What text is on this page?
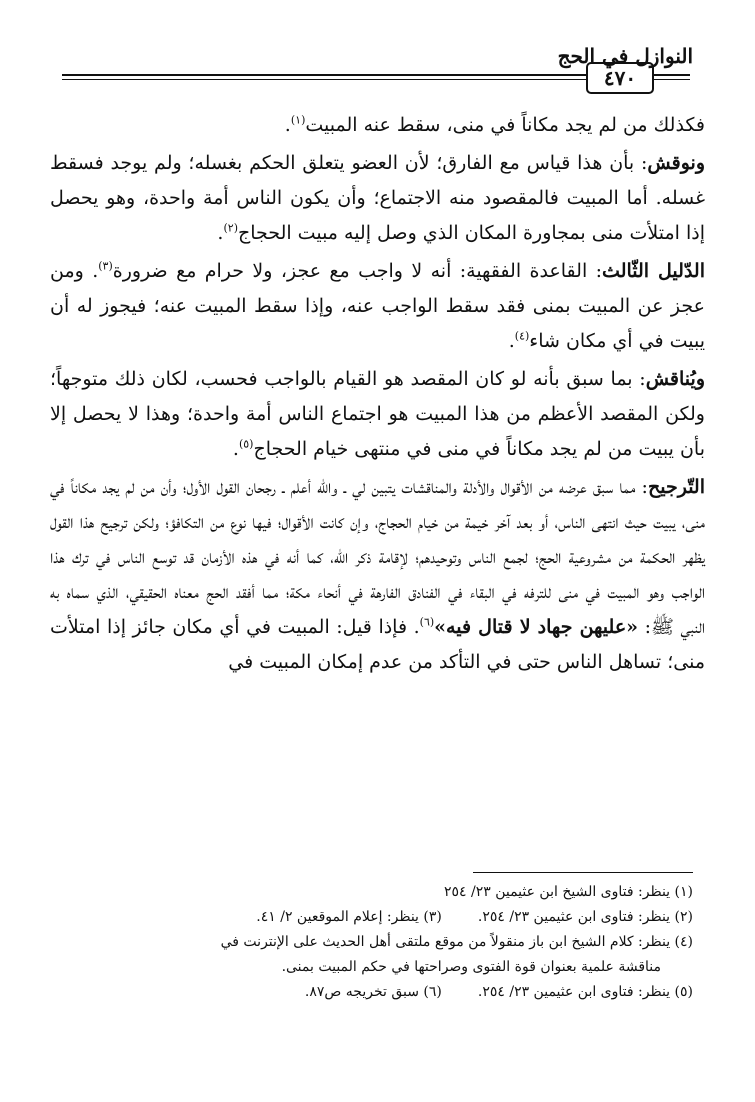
النوازل في الحج
٤٧٠

فكذلك من لم يجد مكاناً في منى، سقط عنه المبيت$^{(١)}$.

ونوقش: بأن هذا قياس مع الفارق؛ لأن العضو يتعلق الحكم بغسله؛ ولم يوجد فسقط غسله. أما المبيت فالمقصود منه الاجتماع؛ وأن يكون الناس أمة واحدة، وهو يحصل إذا امتلأت منى بمجاورة المكان الذي وصل إليه مبيت الحجاج$^{(٢)}$.

الدّليل الثّالث: القاعدة الفقهية: أنه لا واجب مع عجز، ولا حرام مع ضرورة$^{(٣)}$. ومن عجز عن المبيت بمنى فقد سقط الواجب عنه، وإذا سقط المبيت عنه؛ فيجوز له أن يبيت في أي مكان شاء$^{(٤)}$.

ويُناقش: بما سبق بأنه لو كان المقصد هو القيام بالواجب فحسب، لكان ذلك متوجهاً؛ ولكن المقصد الأعظم من هذا المبيت هو اجتماع الناس أمة واحدة؛ وهذا لا يحصل إلا بأن يبيت من لم يجد مكاناً في منى في منتهى خيام الحجاج$^{(٥)}$.

التّرجيح: مما سبق عرضه من الأقوال والأدلة والمناقشات يتبين لي ـ والله أعلم ـ رجحان القول الأول؛ وأن من لم يجد مكاناً في منى، يبيت حيث انتهى الناس، أو بعد آخر خيمة من خيام الحجاج، وإن كانت الأقوال؛ فيها نوع من التكافؤ؛ ولكن ترجيح هذا القول يظهر الحكمة من مشروعية الحج؛ لجمع الناس وتوحيدهم؛ لإقامة ذكر الله، كما أنه في هذه الأزمان قد توسع الناس في ترك هذا الواجب وهو المبيت في منى للترفه في البقاء في الفنادق الفارهة في أنحاء مكة؛ مما أفقد الحج معناه الحقيقي، الذي سماه به النبي ﷺ: «عليهن جهاد لا قتال فيه»$^{(٦)}$. فإذا قيل: المبيت في أي مكان جائز إذا امتلأت منى؛ تساهل الناس حتى في التأكد من عدم إمكان المبيت في

(١) ينظر: فتاوى الشيخ ابن عثيمين ٢٣/ ٢٥٤
(٢) ينظر: فتاوى ابن عثيمين ٢٣/ ٢٥٤.(٣) ينظر: إعلام الموقعين ٢/ ٤١.
(٤) ينظر: كلام الشيخ ابن باز منقولاً من موقع ملتقى أهل الحديث على الإنترنت في
مناقشة علمية بعنوان قوة الفتوى وصراحتها في حكم المبيت بمنى.
(٥) ينظر: فتاوى ابن عثيمين ٢٣/ ٢٥٤.(٦) سبق تخريجه ص٨٧.
